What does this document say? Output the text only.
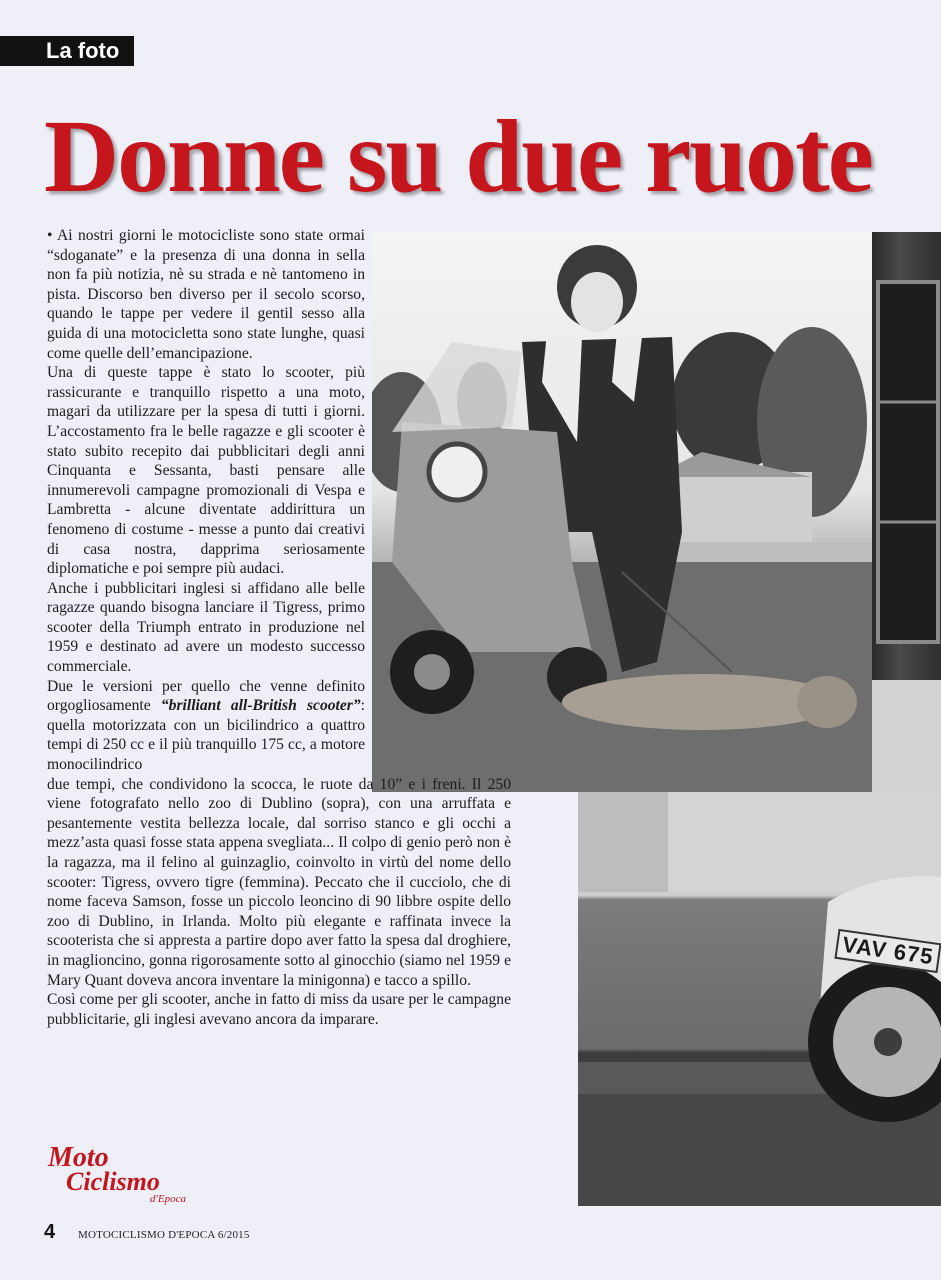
La foto
Donne su due ruote
VAV 675

• Ai nostri giorni le motocicliste sono state ormai “sdoganate” e la presenza di una donna in sella non fa più notizia, nè su strada e nè tantomeno in pista. Discorso ben diverso per il secolo scorso, quando le tappe per vedere il gentil sesso alla guida di una motocicletta sono state lunghe, quasi come quelle dell’emancipazione.

Una di queste tappe è stato lo scooter, più rassicurante e tranquillo rispetto a una moto, magari da utilizzare per la spesa di tutti i giorni. L’accostamento fra le belle ragazze e gli scooter è stato subito recepito dai pubblicitari degli anni Cinquanta e Sessanta, basti pensare alle innumerevoli campagne promozionali di Vespa e Lambretta - alcune diventate addirittura un fenomeno di costume - messe a punto dai creativi di casa nostra, dapprima seriosamente diplomatiche e poi sempre più audaci.

Anche i pubblicitari inglesi si affidano alle belle ragazze quando bisogna lanciare il Tigress, primo scooter della Triumph entrato in produzione nel 1959 e destinato ad avere un modesto successo commerciale.

Due le versioni per quello che venne definito orgogliosamente “brilliant all-British scooter”: quella motorizzata con un bicilindrico a quattro tempi di 250 cc e il più tranquillo 175 cc, a motore monocilindrico

due tempi, che condividono la scocca, le ruote da 10” e i freni. Il 250 viene fotografato nello zoo di Dublino (sopra), con una arruffata e pesantemente vestita bellezza locale, dal sorriso stanco e gli occhi a mezz’asta quasi fosse stata appena svegliata... Il colpo di genio però non è la ragazza, ma il felino al guinzaglio, coinvolto in virtù del nome dello scooter: Tigress, ovvero tigre (femmina). Peccato che il cucciolo, che di nome faceva Samson, fosse un piccolo leoncino di 90 libbre ospite dello zoo di Dublino, in Irlanda. Molto più elegante e raffinata invece la scooterista che si appresta a partire dopo aver fatto la spesa dal droghiere, in maglioncino, gonna rigorosamente sotto al ginocchio (siamo nel 1959 e Mary Quant doveva ancora inventare la minigonna) e tacco a spillo.

Così come per gli scooter, anche in fatto di miss da usare per le campagne pubblicitarie, gli inglesi avevano ancora da imparare.

Moto
Ciclismo
d'Epoca
4 MOTOCICLISMO D'EPOCA 6/2015
